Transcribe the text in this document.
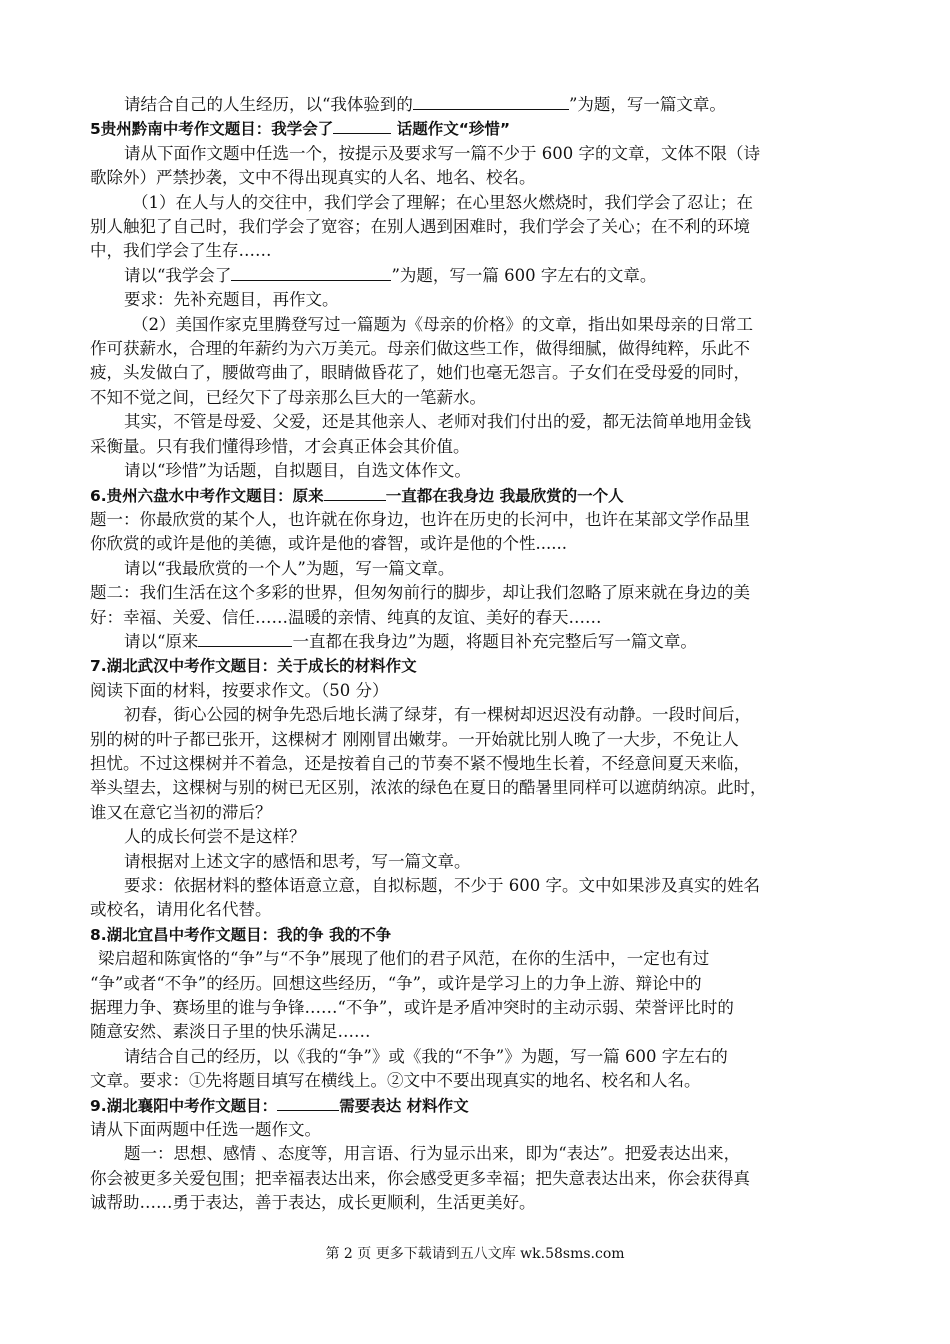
请结合自己的人生经历，以“我体验到的	”为题，写一篇文章。
5贵州黔南中考作文题目：我学会了	话题作文“珍惜”
请从下面作文题中任选一个，按提示及要求写一篇不少于 600 字的文章，文体不限（诗
歌除外）严禁抄袭，文中不得出现真实的人名、地名、校名。
（1）在人与人的交往中，我们学会了理解；在心里怒火燃烧时，我们学会了忍让；在
别人触犯了自己时，我们学会了宽容；在别人遇到困难时，我们学会了关心；在不利的环境
中，我们学会了生存……
请以“我学会了	”为题，写一篇 600 字左右的文章。
要求：先补充题目，再作文。
（2）美国作家克里腾登写过一篇题为《母亲的价格》的文章，指出如果母亲的日常工
作可获薪水，合理的年薪约为六万美元。母亲们做这些工作，做得细腻，做得纯粹，乐此不
疲，头发做白了，腰做弯曲了，眼睛做昏花了，她们也毫无怨言。子女们在受母爱的同时，
不知不觉之间，已经欠下了母亲那么巨大的一笔薪水。
其实，不管是母爱、父爱，还是其他亲人、老师对我们付出的爱，都无法简单地用金钱
采衡量。只有我们懂得珍惜，才会真正体会其价值。
请以“珍惜”为话题，自拟题目，自选文体作文。
6.贵州六盘水中考作文题目：原来	一直都在我身边 我最欣赏的一个人
题一：你最欣赏的某个人，也许就在你身边，也许在历史的长河中，也许在某部文学作品里
你欣赏的或许是他的美德，或许是他的睿智，或许是他的个性......
请以“我最欣赏的一个人”为题，写一篇文章。
题二：我们生活在这个多彩的世界，但匆匆前行的脚步，却让我们忽略了原来就在身边的美
好：幸福、关爱、信任……温暖的亲情、纯真的友谊、美好的春天……
请以“原来	一直都在我身边”为题，将题目补充完整后写一篇文章。
7.湖北武汉中考作文题目：关于成长的材料作文
阅读下面的材料，按要求作文。（50 分）
初春，街心公园的树争先恐后地长满了绿芽，有一棵树却迟迟没有动静。一段时间后，
别的树的叶子都已张开，这棵树才 刚刚冒出嫩芽。一开始就比别人晚了一大步，不免让人
担忧。不过这棵树并不着急，还是按着自己的节奏不紧不慢地生长着，不经意间夏天来临，
举头望去，这棵树与别的树已无区别，浓浓的绿色在夏日的酷暑里同样可以遮荫纳凉。此时，
谁又在意它当初的滞后？
人的成长何尝不是这样？
请根据对上述文字的感悟和思考，写一篇文章。
要求：依据材料的整体语意立意，自拟标题，不少于 600 字。文中如果涉及真实的姓名
或校名，请用化名代替。
8.湖北宜昌中考作文题目：我的争 我的不争
梁启超和陈寅恪的“争”与“不争”展现了他们的君子风范，在你的生活中，一定也有过
“争”或者“不争”的经历。回想这些经历，“争”，或许是学习上的力争上游、辩论中的
据理力争、赛场里的谁与争锋……“不争”，或许是矛盾冲突时的主动示弱、荣誉评比时的
随意安然、素淡日子里的快乐满足……
请结合自己的经历，以《我的“争”》或《我的“不争”》为题，写一篇 600 字左右的
文章。要求：①先将题目填写在横线上。②文中不要出现真实的地名、校名和人名。
9.湖北襄阳中考作文题目：	需要表达 材料作文
请从下面两题中任选一题作文。
题一：思想、感情 、态度等，用言语、行为显示出来，即为“表达”。把爱表达出来，
你会被更多关爱包围；把幸福表达出来，你会感受更多幸福；把失意表达出来，你会获得真
诚帮助……勇于表达，善于表达，成长更顺利，生活更美好。
第 2 页 更多下载请到五八文库 wk.58sms.com
